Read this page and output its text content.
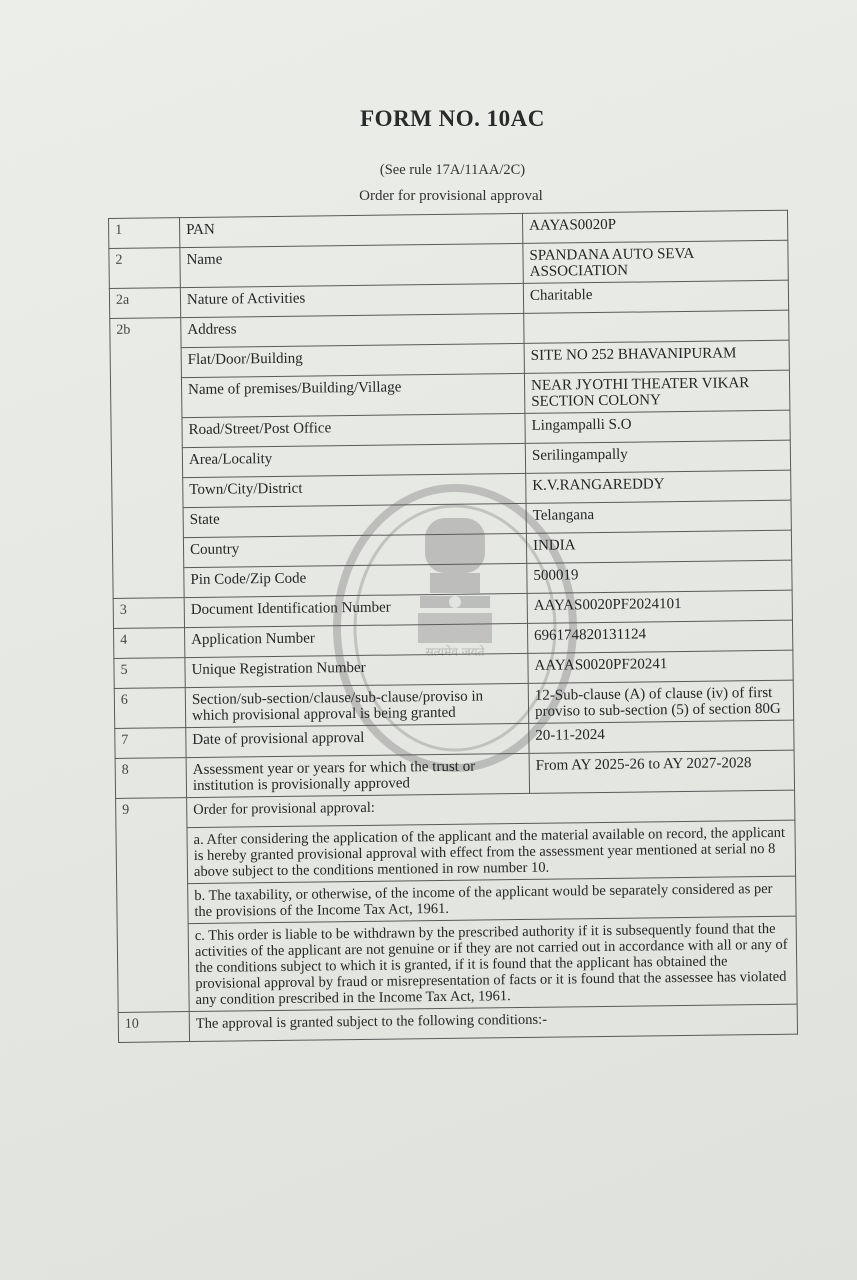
FORM NO. 10AC
(See rule 17A/11AA/2C)
Order for provisional approval
सत्यमेव जयते
1	PAN	AAYAS0020P
2	Name	SPANDANA AUTO SEVA ASSOCIATION
2a	Nature of Activities	Charitable
2b	Address	
	Flat/Door/Building	SITE NO 252 BHAVANIPURAM
	Name of premises/Building/Village	NEAR JYOTHI THEATER VIKAR SECTION COLONY
	Road/Street/Post Office	Lingampalli S.O
	Area/Locality	Serilingampally
	Town/City/District	K.V.RANGAREDDY
	State	Telangana
	Country	INDIA
	Pin Code/Zip Code	500019
3	Document Identification Number	AAYAS0020PF2024101
4	Application Number	696174820131124
5	Unique Registration Number	AAYAS0020PF20241
6	Section/sub-section/clause/sub-clause/proviso in which provisional approval is being granted	12-Sub-clause (A) of clause (iv) of first proviso to sub-section (5) of section 80G
7	Date of provisional approval	20-11-2024
8	Assessment year or years for which the trust or institution is provisionally approved	From AY 2025-26 to AY 2027-2028
9	Order for provisional approval:	
	a. After considering the application of the applicant and the material available on record, the applicant is hereby granted provisional approval with effect from the assessment year mentioned at serial no 8 above subject to the conditions mentioned in row number 10.	
	b. The taxability, or otherwise, of the income of the applicant would be separately considered as per the provisions of the Income Tax Act, 1961.	
	c. This order is liable to be withdrawn by the prescribed authority if it is subsequently found that the activities of the applicant are not genuine or if they are not carried out in accordance with all or any of the conditions subject to which it is granted, if it is found that the applicant has obtained the provisional approval by fraud or misrepresentation of facts or it is found that the assessee has violated any condition prescribed in the Income Tax Act, 1961.	
10	The approval is granted subject to the following conditions:-	
